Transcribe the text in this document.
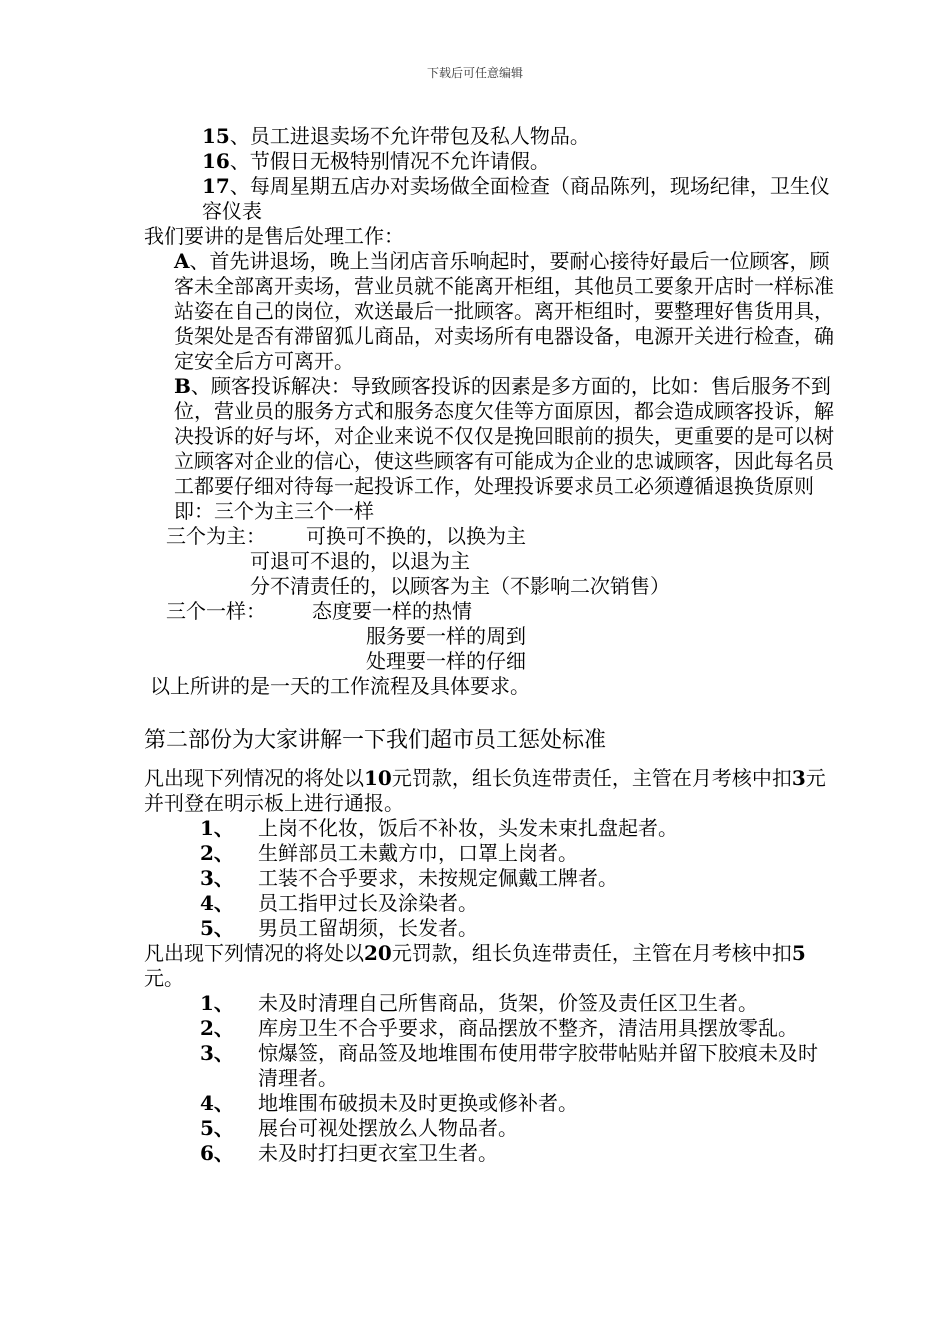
下载后可任意编辑

15、员工进退卖场不允许带包及私人物品。

16、节假日无极特别情况不允许请假。

17、每周星期五店办对卖场做全面检查（商品陈列，现场纪律，卫生仪容仪表

我们要讲的是售后处理工作：

A、首先讲退场，晚上当闭店音乐响起时，要耐心接待好最后一位顾客，顾客未全部离开卖场，营业员就不能离开柜组，其他员工要象开店时一样标准站姿在自己的岗位，欢送最后一批顾客。离开柜组时，要整理好售货用具，货架处是否有滞留狐儿商品，对卖场所有电器设备，电源开关进行检查，确定安全后方可离开。

B、顾客投诉解决：导致顾客投诉的因素是多方面的，比如：售后服务不到位，营业员的服务方式和服务态度欠佳等方面原因，都会造成顾客投诉，解决投诉的好与坏，对企业来说不仅仅是挽回眼前的损失，更重要的是可以树立顾客对企业的信心，使这些顾客有可能成为企业的忠诚顾客，因此每名员工都要仔细对待每一起投诉工作，处理投诉要求员工必须遵循退换货原则即：三个为主三个一样

三个为主： 可换可不换的，以换为主
可退可不退的，以退为主
分不清责任的，以顾客为主（不影响二次销售）
三个一样： 态度要一样的热情
服务要一样的周到
处理要一样的仔细

以上所讲的是一天的工作流程及具体要求。

第二部份为大家讲解一下我们超市员工惩处标准

凡出现下列情况的将处以10元罚款，组长负连带责任，主管在月考核中扣3元并刊登在明示板上进行通报。

1、 上岗不化妆，饭后不补妆，头发未束扎盘起者。
2、 生鲜部员工未戴方巾，口罩上岗者。
3、 工装不合乎要求，未按规定佩戴工牌者。
4、 员工指甲过长及涂染者。
5、 男员工留胡须，长发者。

凡出现下列情况的将处以20元罚款，组长负连带责任，主管在月考核中扣5元。

1、 未及时清理自己所售商品，货架，价签及责任区卫生者。
2、 库房卫生不合乎要求，商品摆放不整齐，清洁用具摆放零乱。
3、 惊爆签，商品签及地堆围布使用带字胶带帖贴并留下胶痕未及时清理者。
4、 地堆围布破损未及时更换或修补者。
5、 展台可视处摆放么人物品者。
6、 未及时打扫更衣室卫生者。
